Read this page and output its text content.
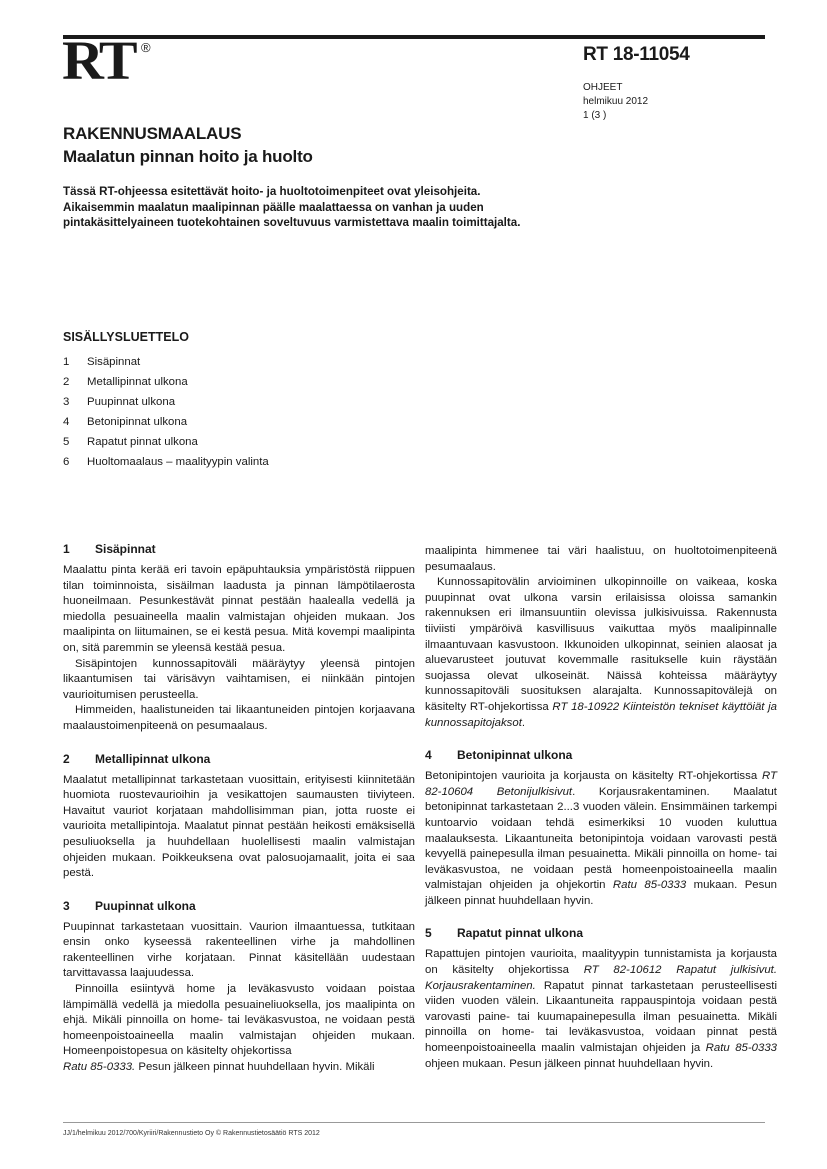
RT ®	RT 18-11054
OHJEET
helmikuu 2012
1 (3 )
RAKENNUSMAALAUS
Maalatun pinnan hoito ja huolto

Tässä RT-ohjeessa esitettävät hoito- ja huoltotoimenpiteet ovat yleisohjeita.

Aikaisemmin maalatun maalipinnan päälle maalattaessa on vanhan ja uuden

pintakäsittelyaineen tuotekohtainen soveltuvuus varmistettava maalin toimittajalta.

SISÄLLYSLUETTELO
1	Sisäpinnat
2	Metallipinnat ulkona
3	Puupinnat ulkona
4	Betonipinnat ulkona
5	Rapatut pinnat ulkona
6	Huoltomaalaus – maalityypin valinta
1	Sisäpinnat

Maalattu pinta kerää eri tavoin epäpuhtauksia ympäristöstä riippuen tilan toiminnoista, sisäilman laadusta ja pinnan lämpötilaerosta huoneilmaan. Pesunkestävät pinnat pestään haalealla vedellä ja miedolla pesuaineella maalin valmistajan ohjeiden mukaan. Jos maalipinta on liitumainen, se ei kestä pesua. Mitä kovempi maalipinta on, sitä paremmin se yleensä kestää pesua.

Sisäpintojen kunnossapitoväli määräytyy yleensä pintojen likaantumisen tai värisävyn vaihtamisen, ei niinkään pintojen vaurioitumisen perusteella.

Himmeiden, haalistuneiden tai likaantuneiden pintojen korjaavana maalaustoimenpiteenä on pesumaalaus.

2	Metallipinnat ulkona

Maalatut metallipinnat tarkastetaan vuosittain, erityisesti kiinnitetään huomiota ruostevaurioihin ja vesikattojen saumausten tiiviyteen. Havaitut vauriot korjataan mahdollisimman pian, jotta ruoste ei vaurioita metallipintoja. Maalatut pinnat pestään heikosti emäksisellä pesuliuoksella ja huuhdellaan huolellisesti maalin valmistajan ohjeiden mukaan. Poikkeuksena ovat palosuojamaalit, joita ei saa pestä.

3	Puupinnat ulkona

Puupinnat tarkastetaan vuosittain. Vaurion ilmaantuessa, tutkitaan ensin onko kyseessä rakenteellinen virhe ja mahdollinen rakenteellinen virhe korjataan. Pinnat käsitellään uudestaan tarvittavassa laajuudessa.

Pinnoilla esiintyvä home ja leväkasvusto voidaan poistaa lämpimällä vedellä ja miedolla pesuaineliuoksella, jos maalipinta on ehjä. Mikäli pinnoilla on home- tai leväkasvustoa, ne voidaan pestä homeenpoistoaineella maalin valmistajan ohjeiden mukaan. Homeenpoistopesua on käsitelty ohjekortissa
Ratu 85-0333. Pesun jälkeen pinnat huuhdellaan hyvin. Mikäli

maalipinta himmenee tai väri haalistuu, on huoltotoimenpiteenä pesumaalaus.

Kunnossapitovälin arvioiminen ulkopinnoille on vaikeaa, koska puupinnat ovat ulkona varsin erilaisissa oloissa samankin rakennuksen eri ilmansuuntiin olevissa julkisivuissa. Rakennusta tiiviisti ympäröivä kasvillisuus vaikuttaa myös maalipinnalle ilmaantuvaan kasvustoon. Ikkunoiden ulkopinnat, seinien alaosat ja aluevarusteet joutuvat kovemmalle rasitukselle kuin räystään suojassa olevat ulkoseinät. Näissä kohteissa määräytyy kunnossapitoväli suosituksen alarajalta. Kunnossapitovälejä on käsitelty RT-ohjekortissa RT 18-10922 Kiinteistön tekniset käyttöiät ja kunnossapitojaksot.

4	Betonipinnat ulkona

Betonipintojen vaurioita ja korjausta on käsitelty RT-ohjekortissa RT 82-10604 Betonijulkisivut. Korjausrakentaminen. Maalatut betonipinnat tarkastetaan 2...3 vuoden välein. Ensimmäinen tarkempi kuntoarvio voidaan tehdä esimerkiksi 10 vuoden kuluttua maalauksesta. Likaantuneita betonipintoja voidaan varovasti pestä kevyellä painepesulla ilman pesuainetta. Mikäli pinnoilla on home- tai leväkasvustoa, ne voidaan pestä homeenpoistoaineella maalin valmistajan ohjeiden ja ohjekortin Ratu 85-0333 mukaan. Pesun jälkeen pinnat huuhdellaan hyvin.

5	Rapatut pinnat ulkona

Rapattujen pintojen vaurioita, maalityypin tunnistamista ja korjausta on käsitelty ohjekortissa RT 82-10612 Rapatut julkisivut. Korjausrakentaminen. Rapatut pinnat tarkastetaan perusteellisesti viiden vuoden välein. Likaantuneita rappauspintoja voidaan pestä varovasti paine- tai kuumapainepesulla ilman pesuainetta. Mikäli pinnoilla on home- tai leväkasvustoa, voidaan pinnat pestä homeenpoistoaineella maalin valmistajan ohjeiden ja Ratu 85-0333 ohjeen mukaan. Pesun jälkeen pinnat huuhdellaan hyvin.

JJ/1/helmikuu 2012/700/Kyriiri/Rakennustieto Oy © Rakennustietosäätiö RTS 2012
